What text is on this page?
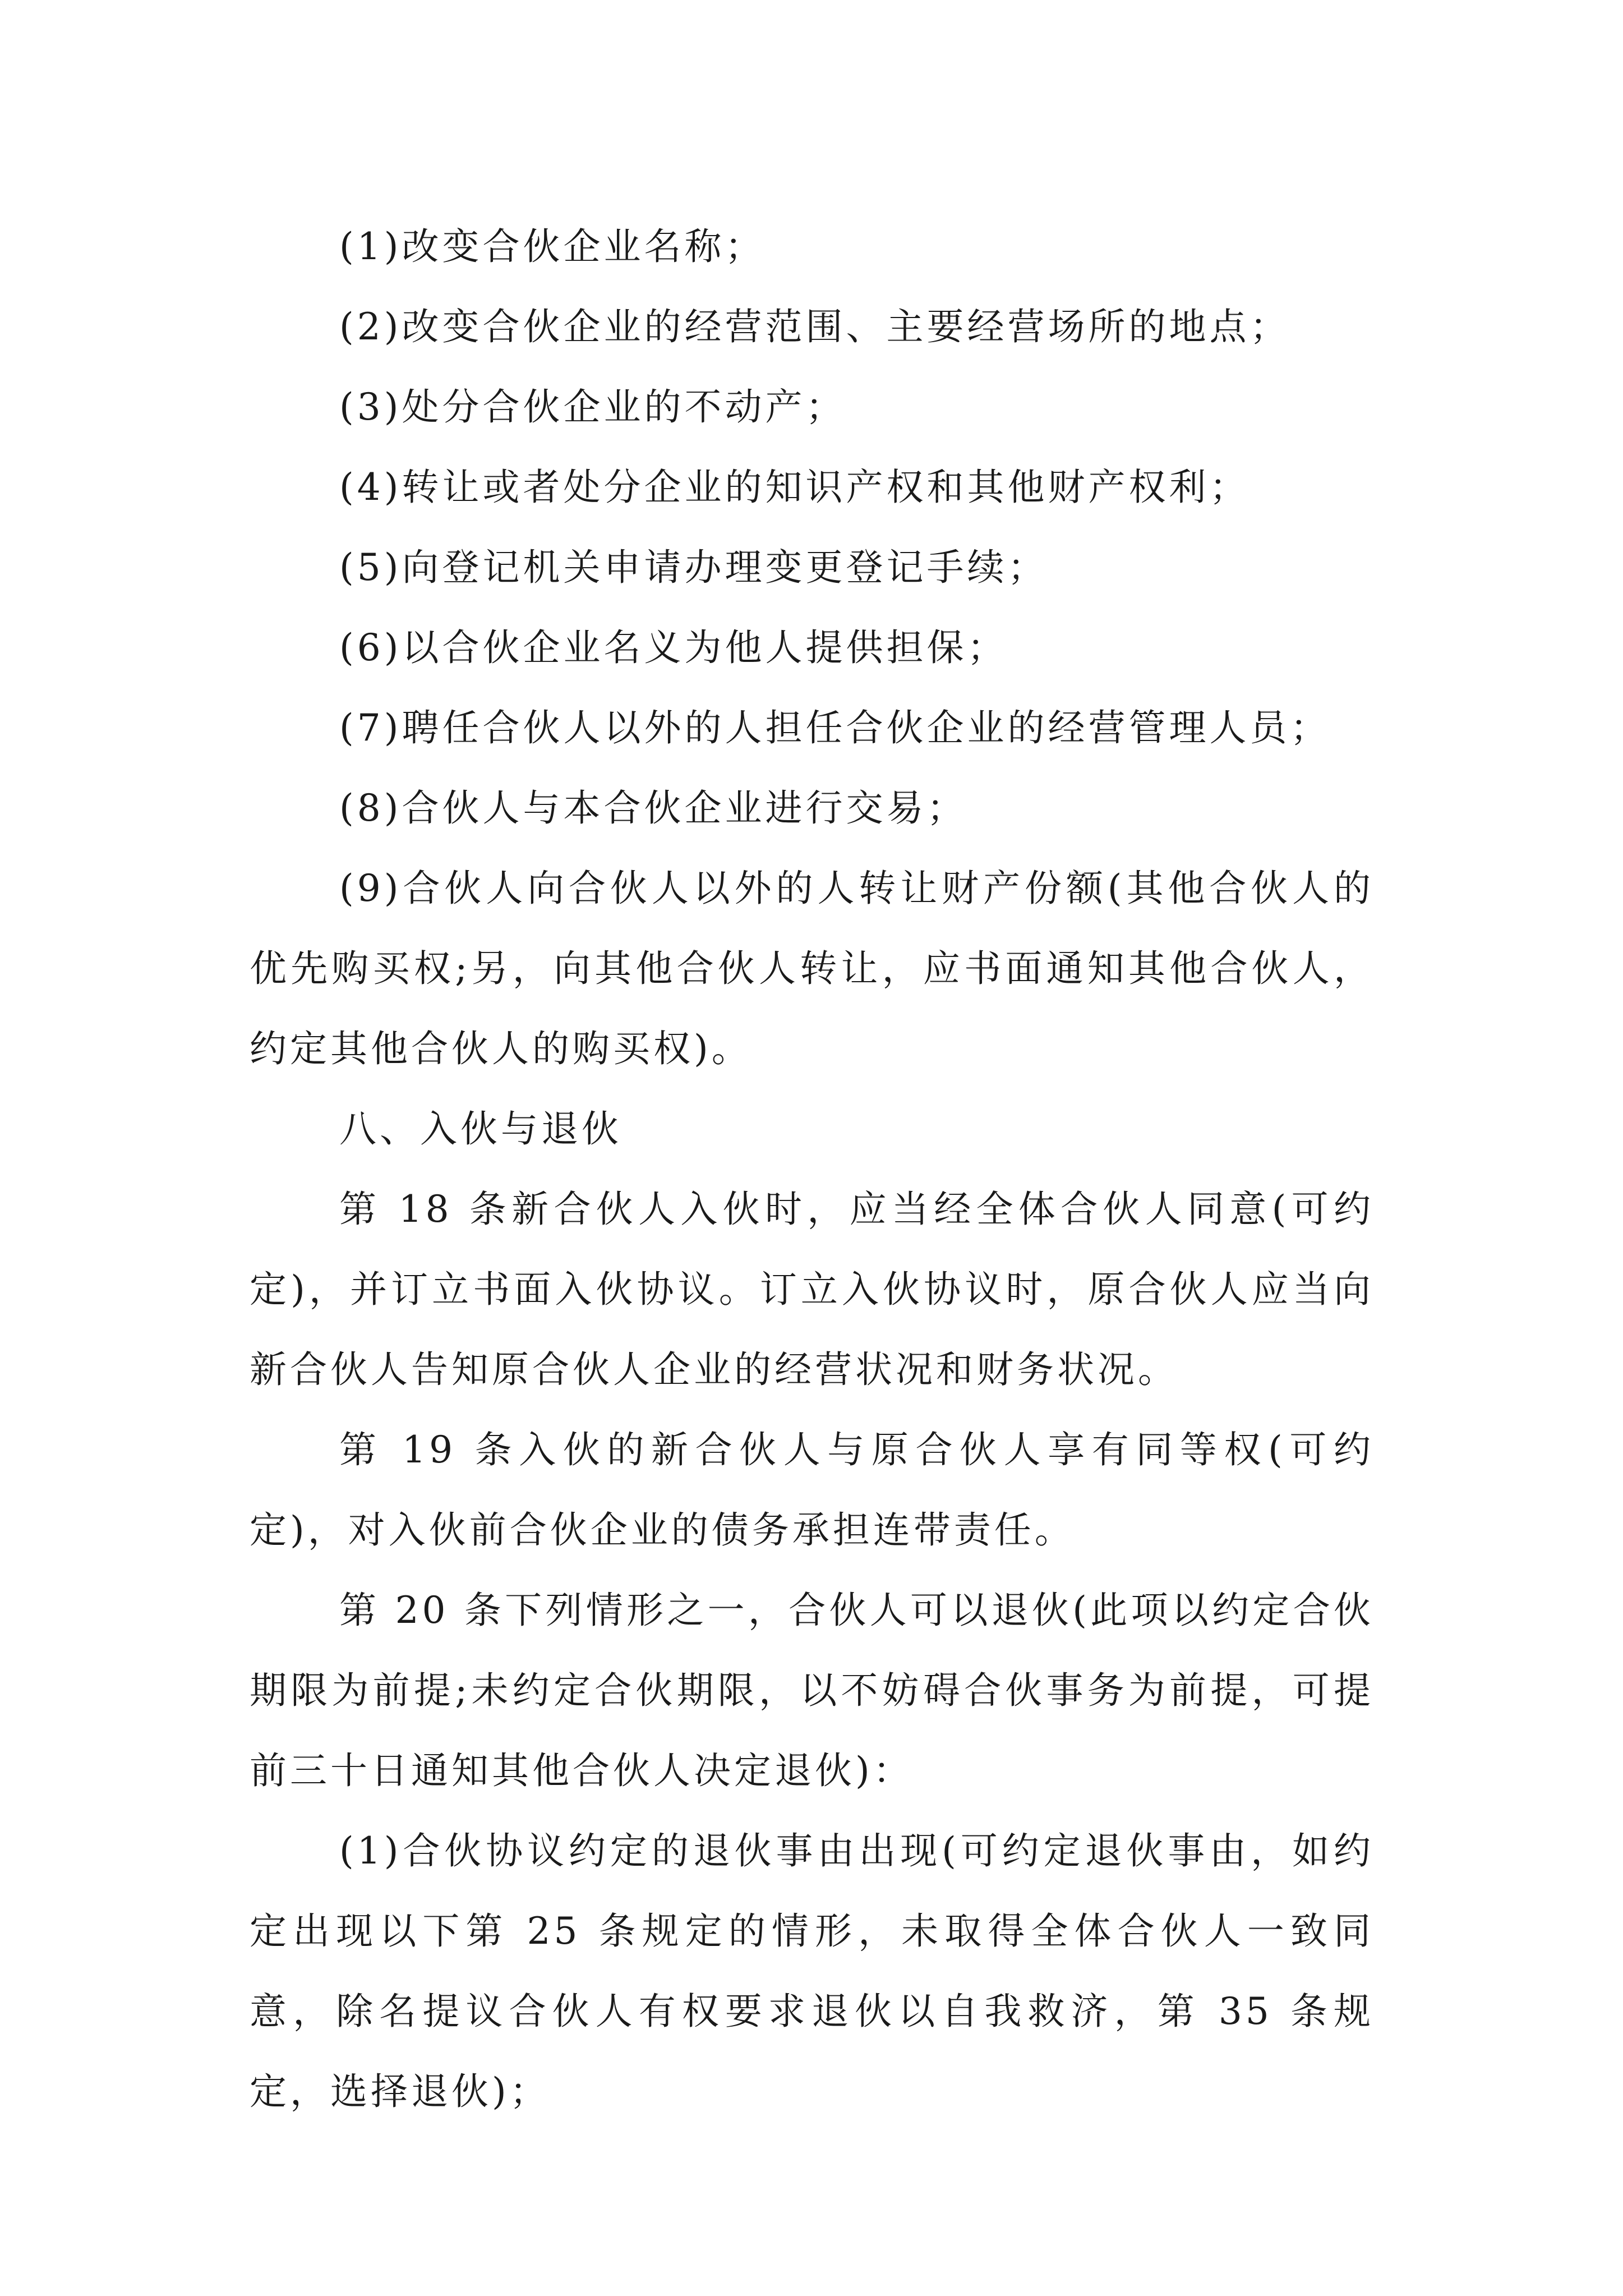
(1)改变合伙企业名称；

(2)改变合伙企业的经营范围、主要经营场所的地点；

(3)处分合伙企业的不动产；

(4)转让或者处分企业的知识产权和其他财产权利；

(5)向登记机关申请办理变更登记手续；

(6)以合伙企业名义为他人提供担保；

(7)聘任合伙人以外的人担任合伙企业的经营管理人员；

(8)合伙人与本合伙企业进行交易；

(9)合伙人向合伙人以外的人转让财产份额(其他合伙人的优先购买权;另，向其他合伙人转让，应书面通知其他合伙人，约定其他合伙人的购买权)。

八、入伙与退伙

第 18 条新合伙人入伙时，应当经全体合伙人同意(可约定)，并订立书面入伙协议。订立入伙协议时，原合伙人应当向新合伙人告知原合伙人企业的经营状况和财务状况。

第 19 条入伙的新合伙人与原合伙人享有同等权(可约定)，对入伙前合伙企业的债务承担连带责任。

第 20 条下列情形之一，合伙人可以退伙(此项以约定合伙期限为前提;未约定合伙期限，以不妨碍合伙事务为前提，可提前三十日通知其他合伙人决定退伙)：

(1)合伙协议约定的退伙事由出现(可约定退伙事由，如约定出现以下第 25 条规定的情形，未取得全体合伙人一致同意，除名提议合伙人有权要求退伙以自我救济，第 35 条规定，选择退伙)；
